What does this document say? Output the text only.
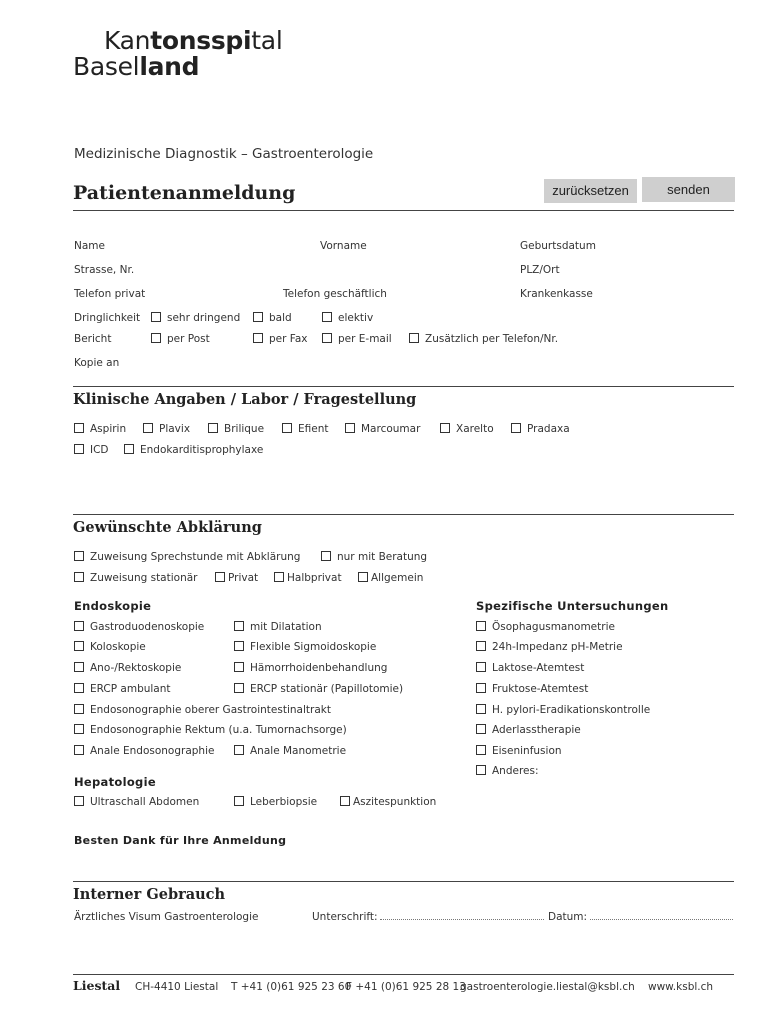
Kantonsspital
Baselland
Medizinische Diagnostik – Gastroenterologie
Patientenanmeldung	zurücksetzen	senden
Name	Vorname	Geburtsdatum
Strasse, Nr.	PLZ/Ort
Telefon privat	Telefon geschäftlich	Krankenkasse
Dringlichkeit	sehr dringend	bald	elektiv
Bericht	per Post	per Fax	per E-mail	Zusätzlich per Telefon/Nr.
Kopie an
Klinische Angaben / Labor / Fragestellung
Aspirin	Plavix	Brilique	Efient	Marcoumar	Xarelto	Pradaxa
ICD	Endokarditisprophylaxe
Gewünschte Abklärung
Zuweisung Sprechstunde mit Abklärung	nur mit Beratung
Zuweisung stationär	Privat	Halbprivat	Allgemein
Endoskopie
Gastroduodenoskopie	mit Dilatation
Koloskopie	Flexible Sigmoidoskopie
Ano-/Rektoskopie	Hämorrhoidenbehandlung
ERCP ambulant	ERCP stationär (Papillotomie)
Endosonographie oberer Gastrointestinaltrakt
Endosonographie Rektum (u.a. Tumornachsorge)
Anale Endosonographie	Anale Manometrie
Spezifische Untersuchungen
Ösophagusmanometrie
24h-Impedanz pH-Metrie
Laktose-Atemtest
Fruktose-Atemtest
H. pylori-Eradikationskontrolle
Aderlasstherapie
Eiseninfusion
Anderes:
Hepatologie
Ultraschall Abdomen	Leberbiopsie	Aszitespunktion
Besten Dank für Ihre Anmeldung
Interner Gebrauch
Ärztliches Visum Gastroenterologie	Unterschrift:	Datum:
Liestal CH-4410 Liestal T +41 (0)61 925 23 60
F +41 (0)61 925 28 13
gastroenterologie.liestal@ksbl.ch www.ksbl.ch
